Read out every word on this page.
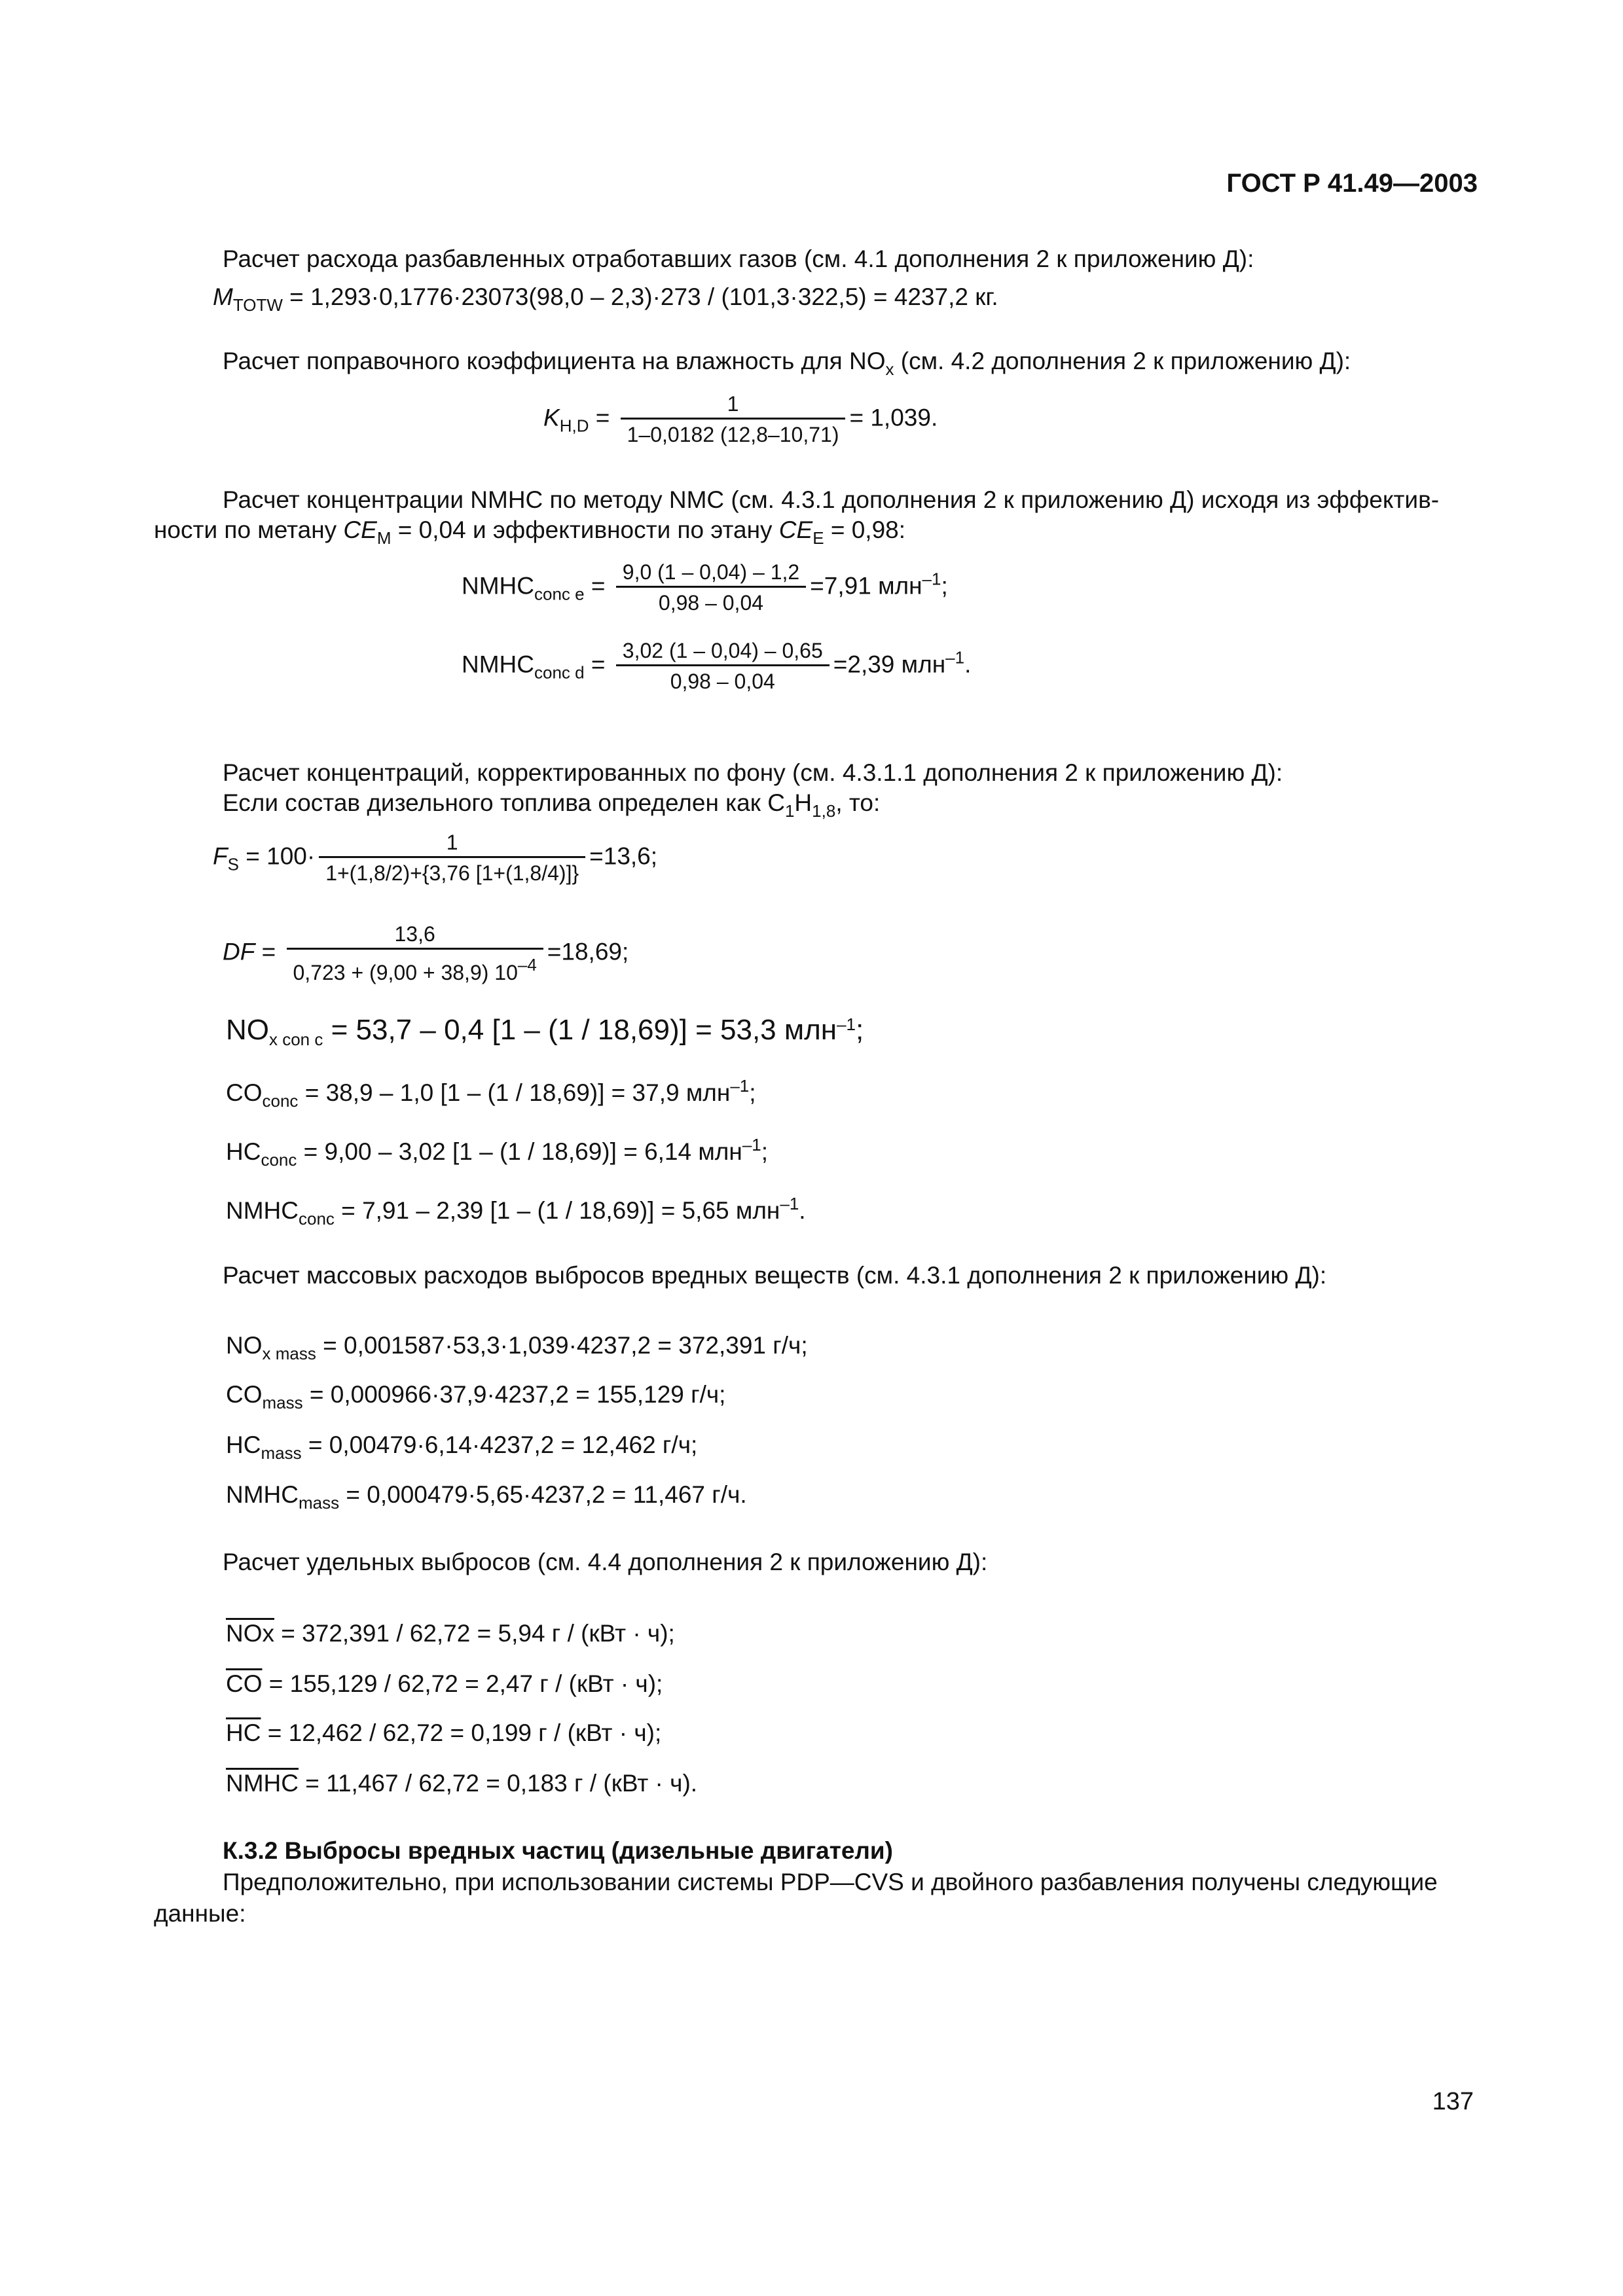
ГОСТ Р 41.49—2003
Расчет расхода разбавленных отработавших газов (см. 4.1 дополнения 2 к приложению Д):
$M_{TOTW} = 1,293\cdot 0,1776\cdot 23073(98,0 - 2,3)\cdot 273 / (101,3\cdot 322,5) = 4237,2$ кг.
Расчет поправочного коэффициента на влажность для $NO_x$ (см. 4.2 дополнения 2 к приложению Д):
$K_{H,D} = \frac{1}{1-0,0182 (12,8-10,71)} = 1,039$.
Расчет концентрации NMHC по методу NMC (см. 4.3.1 дополнения 2 к приложению Д) исходя из эффектив-
ности по метану $CE_M = 0,04$ и эффективности по этану $CE_E = 0,98$:
$NMHC_{conc e} = \frac{9,0 (1 - 0,04) - 1,2}{0,98 - 0,04} =7,91$ млн$^{-1}$;
$NMHC_{conc d} = \frac{3,02 (1 - 0,04) - 0,65}{0,98 - 0,04} =2,39$ млн$^{-1}$.
Расчет концентраций, корректированных по фону (см. 4.3.1.1 дополнения 2 к приложению Д):
Если состав дизельного топлива определен как $С_1Н_{1,8}$, то:
$F_S = 100\cdot \frac{1}{1+(1,8/2)+\{3,76 [1+(1,8/4)]\}} =13,6$;
DF = $\frac{13,6}{0,723 + (9,00 + 38,9) 10^{-4}} =18,69$;
$NO_{x con c} = 53,7 - 0,4$ [1 – (1 / 18,69)] = 53,3 млн$^{-1}$;
$CO_{conc} = 38,9 - 1,0$ [1 – (1 / 18,69)] = 37,9 млн$^{-1}$;
$HC_{conc} = 9,00 - 3,02$ [1 – (1 / 18,69)] = 6,14 млн$^{-1}$;
$NMHC_{conc} = 7,91 - 2,39$ [1 – (1 / 18,69)] = 5,65 млн$^{-1}$.
Расчет массовых расходов выбросов вредных веществ (см. 4.3.1 дополнения 2 к приложению Д):
$NO_{x mass} = 0,001587\cdot 53,3\cdot 1,039\cdot 4237,2 = 372,391$ г/ч;
$CO_{mass} = 0,000966\cdot 37,9\cdot 4237,2 = 155,129$ г/ч;
$HC_{mass} = 0,00479\cdot 6,14\cdot 4237,2 = 12,462$ г/ч;
$NMHC_{mass} = 0,000479\cdot 5,65\cdot 4237,2 = 11,467$ г/ч.
Расчет удельных выбросов (см. 4.4 дополнения 2 к приложению Д):
$\overline{NOx} = 372,391 / 62,72 = 5,94$ г / (кВт · ч);
$\overline{CO} = 155,129 / 62,72 = 2,47$ г / (кВт · ч);
$\overline{HC} = 12,462 / 62,72 = 0,199$ г / (кВт · ч);
NMHC = 11,467 / 62,72 = 0,183 г / (кВт · ч).
К.3.2 Выбросы вредных частиц (дизельные двигатели)
Предположительно, при использовании системы PDP—CVS и двойного разбавления получены следующие
данные:
137
